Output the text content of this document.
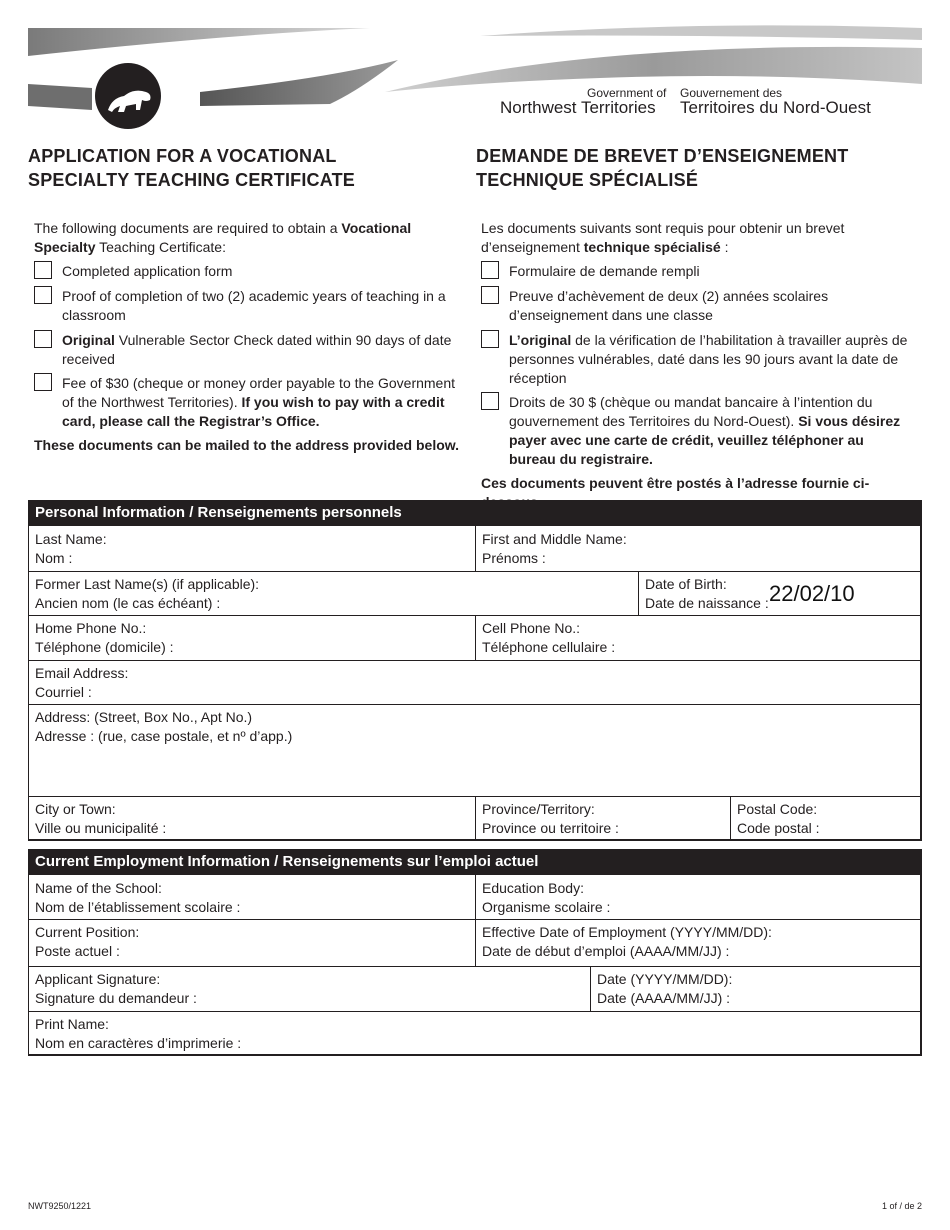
Government of
Northwest Territories
Gouvernement des
Territoires du Nord-Ouest
APPLICATION FOR A VOCATIONAL
SPECIALTY TEACHING CERTIFICATE
DEMANDE DE BREVET D’ENSEIGNEMENT
TECHNIQUE SPÉCIALISÉ
The following documents are required to obtain a Vocational Specialty Teaching Certificate:
Completed application form
Proof of completion of two (2) academic years of teaching in a classroom
Original Vulnerable Sector Check dated within 90 days of date received
Fee of $30 (cheque or money order payable to the Government of the Northwest Territories). If you wish to pay with a credit card, please call the Registrar’s Office.
These documents can be mailed to the address provided below.
Les documents suivants sont requis pour obtenir un brevet d’enseignement technique spécialisé :
Formulaire de demande rempli
Preuve d’achèvement de deux (2) années scolaires d’enseignement dans une classe
L’original de la vérification de l’habilitation à travailler auprès de personnes vulnérables, daté dans les 90 jours avant la date de réception
Droits de 30 $ (chèque ou mandat bancaire à l’intention du gouvernement des Territoires du Nord-Ouest). Si vous désirez payer avec une carte de crédit, veuillez téléphoner au bureau du registraire.
Ces documents peuvent être postés à l’adresse fournie ci-
Personal Information / Renseignements personnels
Last Name:
Nom :
First and Middle Name:
Prénoms :
Former Last Name(s) (if applicable):
Ancien nom (le cas échéant) :
Date of Birth:
Date de naissance : 22/02/10
Home Phone No.:
Téléphone (domicile) :
Cell Phone No.:
Téléphone cellulaire :
Email Address:
Courriel :
Address: (Street, Box No., Apt No.)
Adresse : (rue, case postale, et nº d’app.)
City or Town:
Ville ou municipalité :
Province/Territory:
Province ou territoire :
Postal Code:
Code postal :
Current Employment Information / Renseignements sur l’emploi actuel
Name of the School:
Nom de l’établissement scolaire :
Education Body:
Organisme scolaire :
Current Position:
Poste actuel :
Effective Date of Employment (YYYY/MM/DD):
Date de début d’emploi (AAAA/MM/JJ) :
Applicant Signature:
Signature du demandeur :
Date (YYYY/MM/DD):
Date (AAAA/MM/JJ) :
Print Name:
Nom en caractères d’imprimerie :
NWT9250/1221	1 of / de 2
